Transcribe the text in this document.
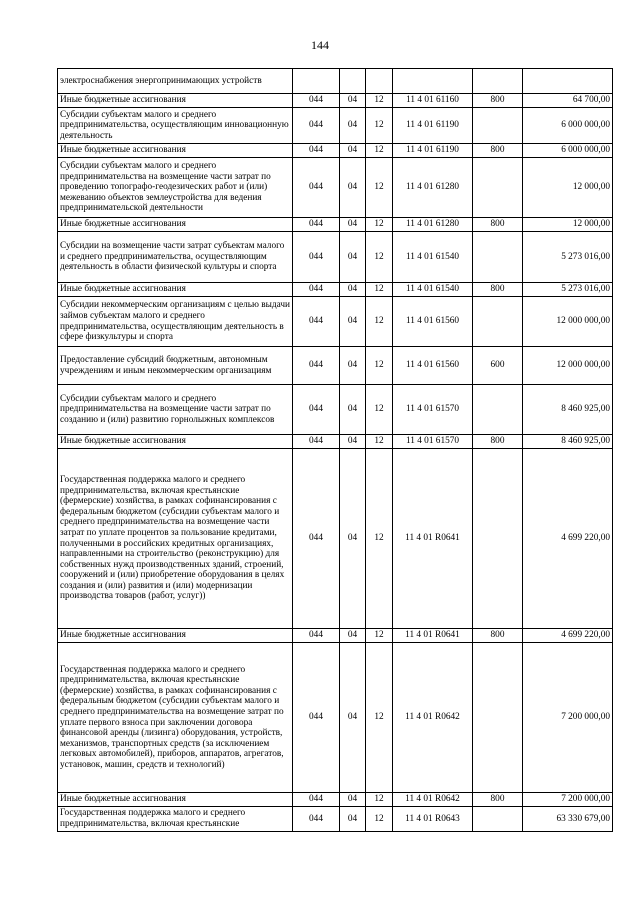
144
электроснабжения энергопринимающих устройств						
Иные бюджетные ассигнования	044	04	12	11 4 01 61160	800	64 700,00
Субсидии субъектам малого и среднего предпринимательства, осуществляющим инновационную деятельность	044	04	12	11 4 01 61190		6 000 000,00
Иные бюджетные ассигнования	044	04	12	11 4 01 61190	800	6 000 000,00
Субсидии субъектам малого и среднего предпринимательства на возмещение части затрат по проведению топографо-геодезических работ и (или) межеванию объектов землеустройства для ведения предпринимательской деятельности	044	04	12	11 4 01 61280		12 000,00
Иные бюджетные ассигнования	044	04	12	11 4 01 61280	800	12 000,00
Субсидии на возмещение части затрат субъектам малого и среднего предпринимательства, осуществляющим деятельность в области физической культуры и спорта	044	04	12	11 4 01 61540		5 273 016,00
Иные бюджетные ассигнования	044	04	12	11 4 01 61540	800	5 273 016,00
Субсидии некоммерческим организациям с целью выдачи займов субъектам малого и среднего предпринимательства, осуществляющим деятельность в сфере физкультуры и спорта	044	04	12	11 4 01 61560		12 000 000,00
Предоставление субсидий бюджетным, автономным учреждениям и иным некоммерческим организациям	044	04	12	11 4 01 61560	600	12 000 000,00
Субсидии субъектам малого и среднего предпринимательства на возмещение части затрат по созданию и (или) развитию горнолыжных комплексов	044	04	12	11 4 01 61570		8 460 925,00
Иные бюджетные ассигнования	044	04	12	11 4 01 61570	800	8 460 925,00
Государственная поддержка малого и среднего предпринимательства, включая крестьянские (фермерские) хозяйства, в рамках софинансирования с федеральным бюджетом (субсидии субъектам малого и среднего предпринимательства на возмещение части затрат по уплате процентов за пользование кредитами, полученными в российских кредитных организациях, направленными на строительство (реконструкцию) для собственных нужд производственных зданий, строений, сооружений и (или) приобретение оборудования в целях создания и (или) развития и (или) модернизации производства товаров (работ, услуг))	044	04	12	11 4 01 R0641		4 699 220,00
Иные бюджетные ассигнования	044	04	12	11 4 01 R0641	800	4 699 220,00
Государственная поддержка малого и среднего предпринимательства, включая крестьянские (фермерские) хозяйства, в рамках софинансирования с федеральным бюджетом (субсидии субъектам малого и среднего предпринимательства на возмещение затрат по уплате первого взноса при заключении договора финансовой аренды (лизинга) оборудования, устройств, механизмов, транспортных средств (за исключением легковых автомобилей), приборов, аппаратов, агрегатов, установок, машин, средств и технологий)	044	04	12	11 4 01 R0642		7 200 000,00
Иные бюджетные ассигнования	044	04	12	11 4 01 R0642	800	7 200 000,00
Государственная поддержка малого и среднего предпринимательства, включая крестьянские	044	04	12	11 4 01 R0643		63 330 679,00
